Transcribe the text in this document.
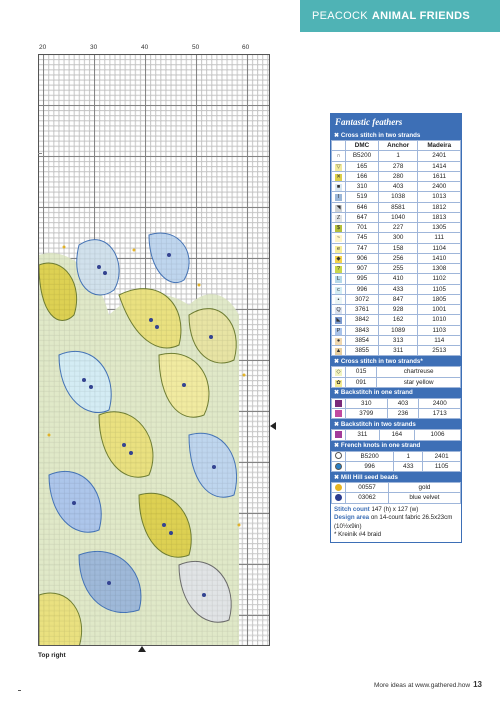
PEACOCK ANIMAL FRIENDS
20	30	40	50	60
Top right
Fantastic feathers
✖ Cross stitch in two strands
	DMC	Anchor	Madeira
∩	B5200	1	2401
▽	165	278	1414
✕	166	280	1611
■	310	403	2400
I	519	1038	1013
◥	646	8581	1812
Z	647	1040	1813
$	701	227	1305
~	745	300	111
e	747	158	1104
◆	906	256	1410
?	907	255	1308
L	995	410	1102
c	996	433	1105
•	3072	847	1805
Q	3761	928	1001
◣	3842	162	1010
P	3843	1089	1103
●	3854	313	114
▲	3855	311	2513
✖ Cross stitch in two strands*
◇	015	chartreuse
✿	091	star yellow
✖ Backstitch in one strand
	310	403	2400
	3799	236	1713
✖ Backstitch in two strands
	311	164	1006
✖ French knots in one strand
	B5200	1	2401
	996	433	1105
✖ Mill Hill seed beads
	00557	gold
	03062	blue velvet
Stitch count 147 (h) x 127 (w)
Design area on 14-count fabric 26.5x23cm (10½x9in)
* Kreinik #4 braid
More ideas at www.gathered.how 13
